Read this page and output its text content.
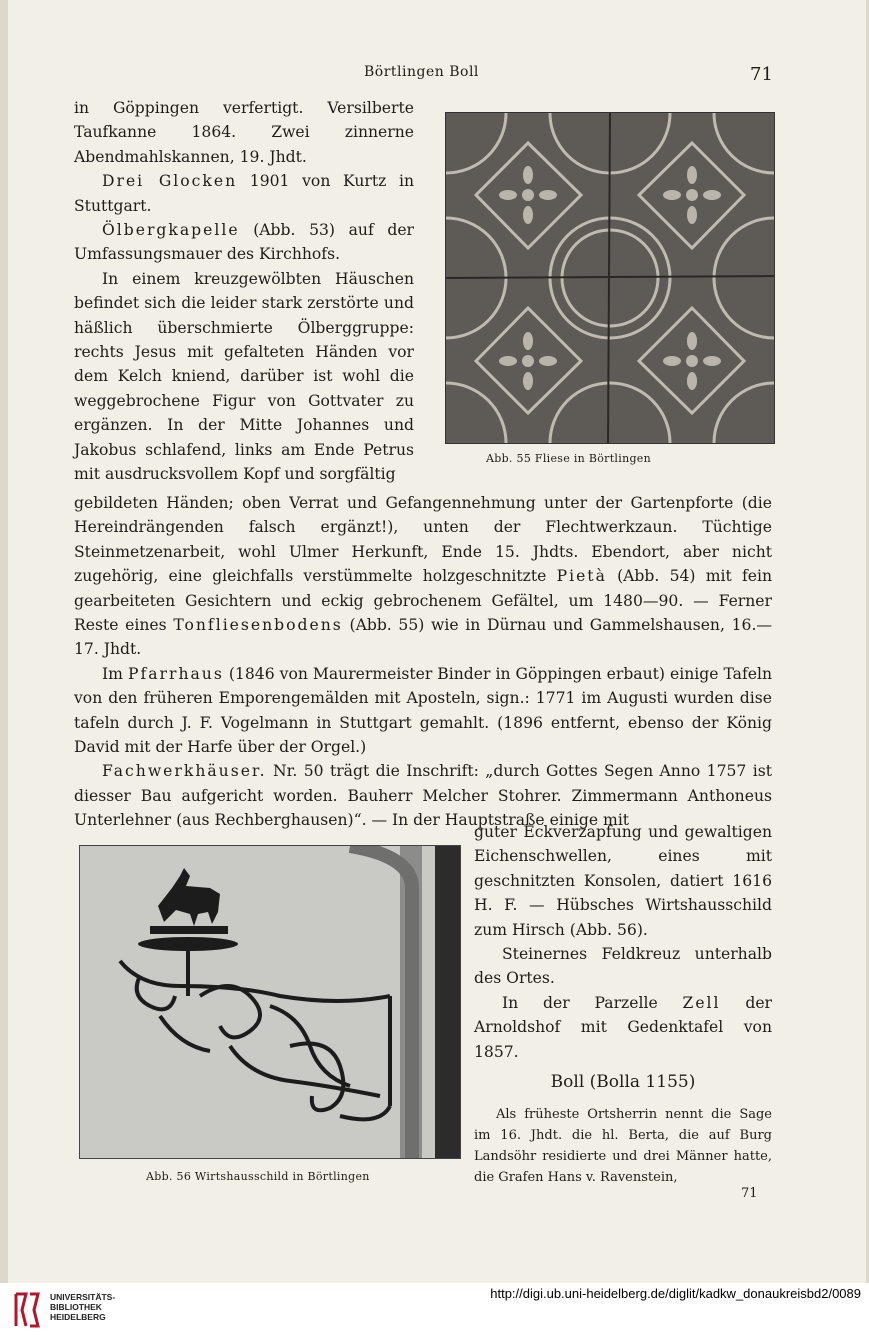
Börtlingen Boll	71

in Göppingen verfertigt. Versilberte Taufkanne 1864. Zwei zinnerne Abendmahlskannen, 19. Jhdt.

Drei Glocken 1901 von Kurtz in Stuttgart.

Ölbergkapelle (Abb. 53) auf der Umfassungsmauer des Kirchhofs.

In einem kreuzgewölbten Häuschen befindet sich die leider stark zerstörte und häßlich überschmierte Ölberggruppe: rechts Jesus mit gefalteten Händen vor dem Kelch kniend, darüber ist wohl die weggebrochene Figur von Gottvater zu ergänzen. In der Mitte Johannes und Jakobus schlafend, links am Ende Petrus mit ausdrucksvollem Kopf und sorgfältig

Abb. 55 Fliese in Börtlingen

gebildeten Händen; oben Verrat und Gefangennehmung unter der Gartenpforte (die Hereindrängenden falsch ergänzt!), unten der Flechtwerkzaun. Tüchtige Steinmetzenarbeit, wohl Ulmer Herkunft, Ende 15. Jhdts. Ebendort, aber nicht zugehörig, eine gleichfalls verstümmelte holzgeschnitzte Pietà (Abb. 54) mit fein gearbeiteten Gesichtern und eckig gebrochenem Gefältel, um 1480—90. — Ferner Reste eines Tonfliesenbodens (Abb. 55) wie in Dürnau und Gammelshausen, 16.—17. Jhdt.

Im Pfarrhaus (1846 von Maurermeister Binder in Göppingen erbaut) einige Tafeln von den früheren Emporengemälden mit Aposteln, sign.: 1771 im Augusti wurden dise tafeln durch J. F. Vogelmann in Stuttgart gemahlt. (1896 entfernt, ebenso der König David mit der Harfe über der Orgel.)

Fachwerkhäuser. Nr. 50 trägt die Inschrift: „durch Gottes Segen Anno 1757 ist diesser Bau aufgericht worden. Bauherr Melcher Stohrer. Zimmermann Anthoneus Unterlehner (aus Rechberghausen)“. — In der Hauptstraße einige mit

Abb. 56 Wirtshausschild in Börtlingen

guter Eckverzapfung und gewaltigen Eichenschwellen, eines mit geschnitzten Konsolen, datiert 1616 H. F. — Hübsches Wirtshausschild zum Hirsch (Abb. 56).

Steinernes Feldkreuz unterhalb des Ortes.

In der Parzelle Zell der Arnoldshof mit Gedenktafel von 1857.

Boll (Bolla 1155)

Als früheste Ortsherrin nennt die Sage im 16. Jhdt. die hl. Berta, die auf Burg Landsöhr residierte und drei Männer hatte, die Grafen Hans v. Ravenstein,

71
UNIVERSITÄTS-
BIBLIOTHEK
HEIDELBERG
http://digi.ub.uni-heidelberg.de/diglit/kadkw_donaukreisbd2/0089
